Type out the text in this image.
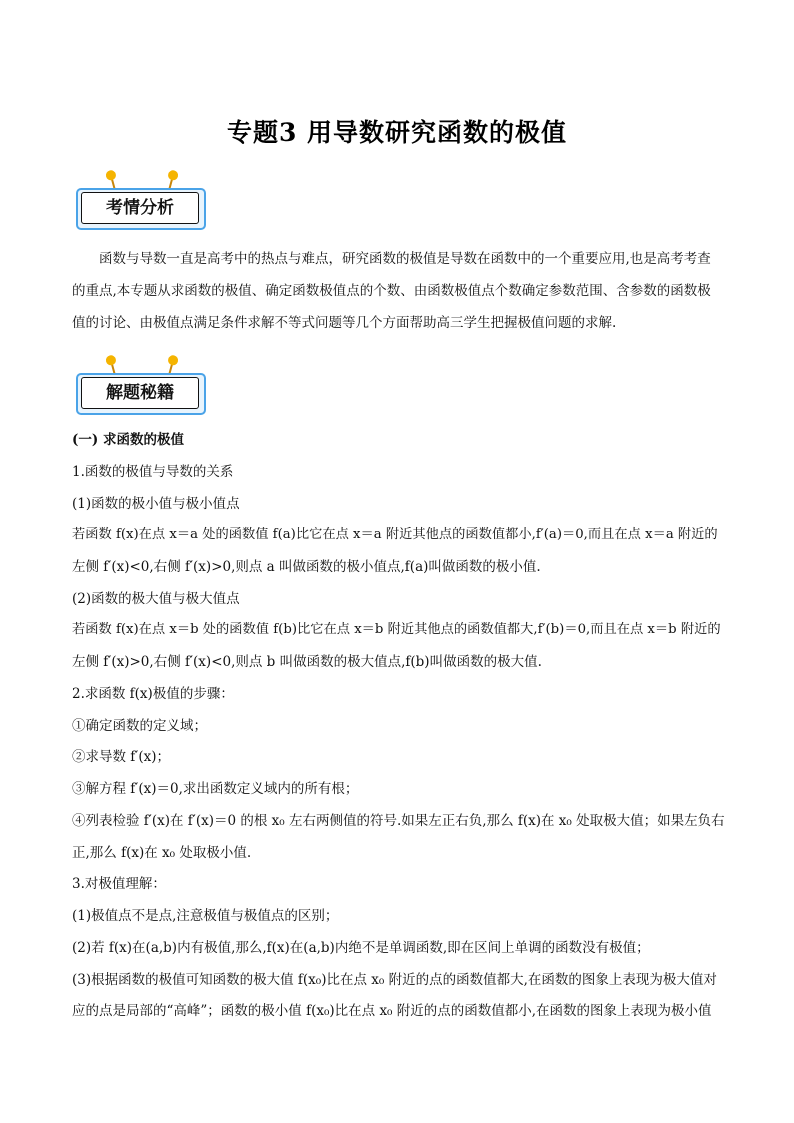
专题3 用导数研究函数的极值
考情分析
函数与导数一直是高考中的热点与难点，研究函数的极值是导数在函数中的一个重要应用,也是高考考查的重点,本专题从求函数的极值、确定函数极值点的个数、由函数极值点个数确定参数范围、含参数的函数极值的讨论、由极值点满足条件求解不等式问题等几个方面帮助高三学生把握极值问题的求解.
解题秘籍
(一) 求函数的极值
1.函数的极值与导数的关系
(1)函数的极小值与极小值点
若函数 f(x)在点 x＝a 处的函数值 f(a)比它在点 x＝a 附近其他点的函数值都小,f′(a)＝0,而且在点 x＝a 附近的
左侧 f′(x)<0,右侧 f′(x)>0,则点 a 叫做函数的极小值点,f(a)叫做函数的极小值.
(2)函数的极大值与极大值点
若函数 f(x)在点 x＝b 处的函数值 f(b)比它在点 x＝b 附近其他点的函数值都大,f′(b)＝0,而且在点 x＝b 附近的
左侧 f′(x)>0,右侧 f′(x)<0,则点 b 叫做函数的极大值点,f(b)叫做函数的极大值.
2.求函数 f(x)极值的步骤：
①确定函数的定义域；
②求导数 f′(x)；
③解方程 f′(x)＝0,求出函数定义域内的所有根；
④列表检验 f′(x)在 f′(x)＝0 的根 x₀ 左右两侧值的符号.如果左正右负,那么 f(x)在 x₀ 处取极大值；如果左负右
正,那么 f(x)在 x₀ 处取极小值.
3.对极值理解：
(1)极值点不是点,注意极值与极值点的区别；
(2)若 f(x)在(a,b)内有极值,那么,f(x)在(a,b)内绝不是单调函数,即在区间上单调的函数没有极值；
(3)根据函数的极值可知函数的极大值 f(x₀)比在点 x₀ 附近的点的函数值都大,在函数的图象上表现为极大值对
应的点是局部的“高峰”；函数的极小值 f(x₀)比在点 x₀ 附近的点的函数值都小,在函数的图象上表现为极小值
